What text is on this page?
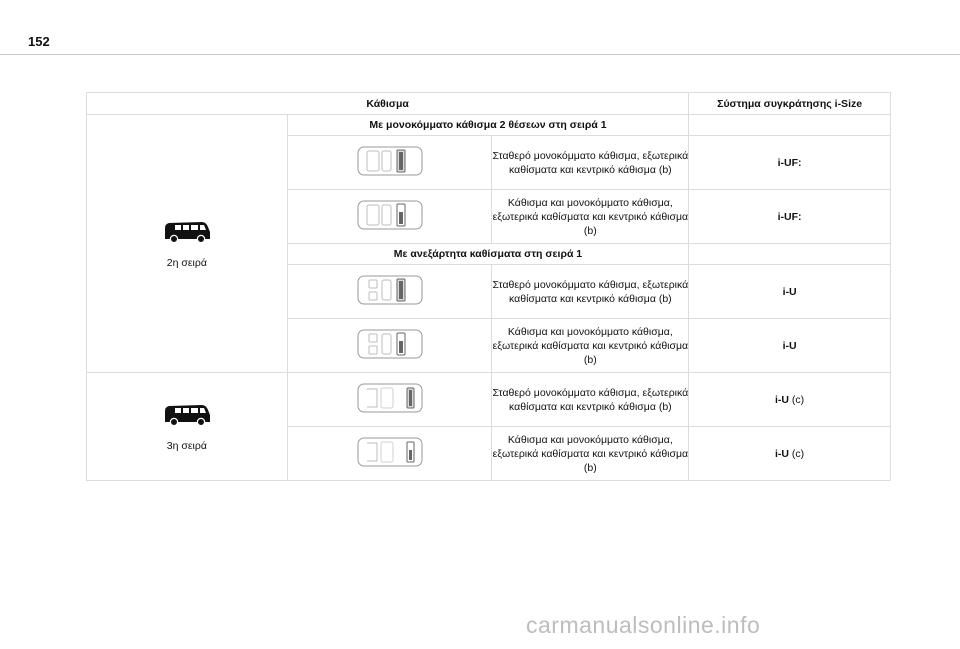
152
Κάθισμα			Σύστημα συγκράτησης i-Size

2η σειρά	Με μονοκόμματο κάθισμα 2 θέσεων στη σειρά 1		
	Σταθερό μονοκόμματο κάθισμα, εξωτερικά καθίσματα και κεντρικό κάθισμα (b)	i-UF:
	Κάθισμα και μονοκόμματο κάθισμα, εξωτερικά καθίσματα και κεντρικό κάθισμα (b)	i-UF:
	Με ανεξάρτητα καθίσματα στη σειρά 1		
	Σταθερό μονοκόμματο κάθισμα, εξωτερικά καθίσματα και κεντρικό κάθισμα (b)	i-U
	Κάθισμα και μονοκόμματο κάθισμα, εξωτερικά καθίσματα και κεντρικό κάθισμα (b)	i-U

3η σειρά		Σταθερό μονοκόμματο κάθισμα, εξωτερικά καθίσματα και κεντρικό κάθισμα (b)	i-U (c)
	Κάθισμα και μονοκόμματο κάθισμα, εξωτερικά καθίσματα και κεντρικό κάθισμα (b)	i-U (c)
carmanualsonline.info
